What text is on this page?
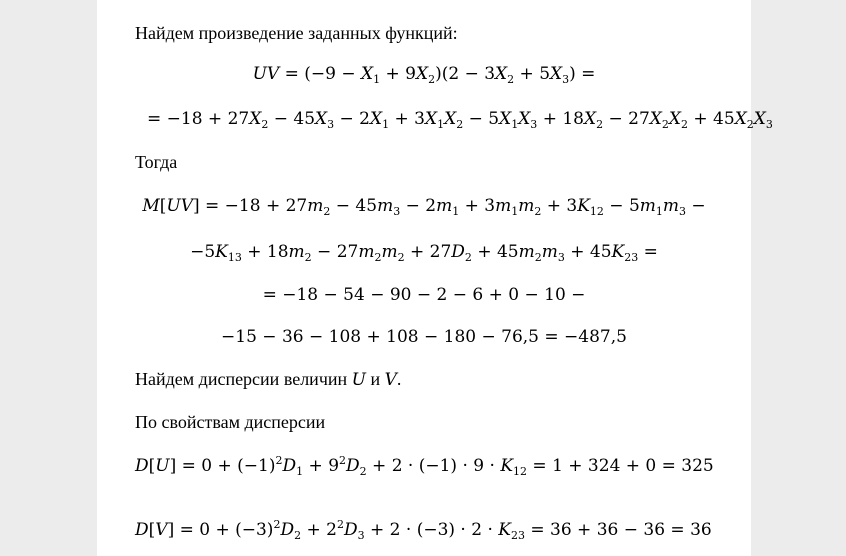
Найдем произведение заданных функций:
UV = $(-9 - X_1 + 9X_2)(2 - 3X_2 + 5X_3)$ =
= $-18 + 27X_2 - 45X_3 - 2X_1 + 3X_1X_2 - 5X_1X_3 + 18X_2 - 27X_2X_2 + 45X_2X_3$
Тогда
$M[UV] = -18 + 27m_2 - 45m_3 - 2m_1 + 3m_1m_2 + 3K_{12} - 5m_1m_3$ −
$-5K_{13} + 18m_2 - 27m_2m_2 + 27D_2 + 45m_2m_3 + 45K_{23}$ =
= −18 − 54 − 90 − 2 − 6 + 0 − 10 −
−15 − 36 − 108 + 108 − 180 − 76,5 = −487,5
Найдем дисперсии величин U и V.
По свойствам дисперсии
$D[U] = 0 + (-1)^2D_1 + 9^2D_2 + 2 \cdot (-1) \cdot 9 \cdot K_{12} = 1 + 324 + 0 = 325$
$D[V] = 0 + (-3)^2D_2 + 2^2D_3 + 2 \cdot (-3) \cdot 2 \cdot K_{23} = 36 + 36 - 36 = 36$
